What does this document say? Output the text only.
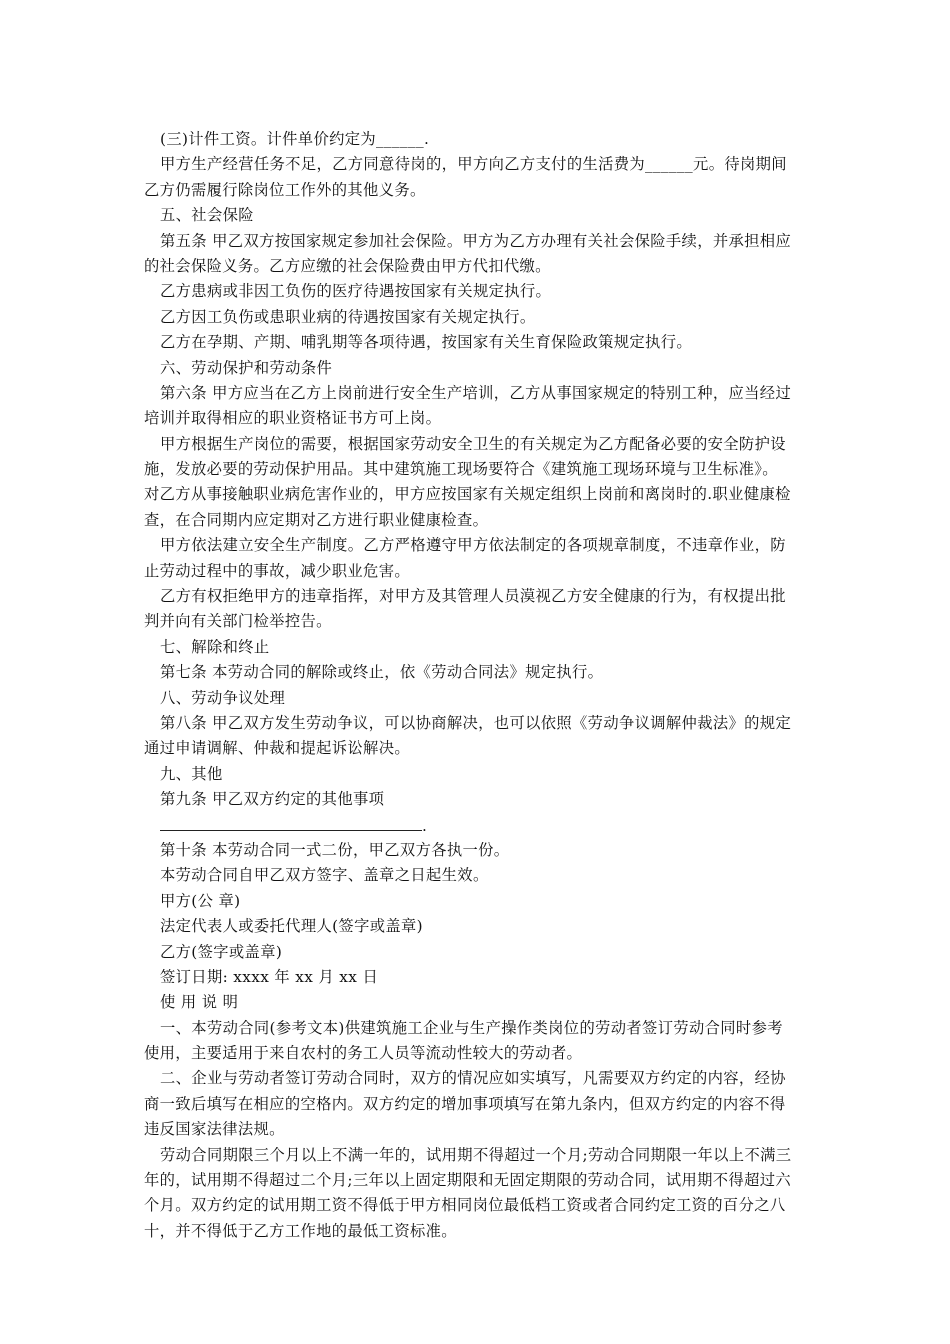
(三)计件工资。计件单价约定为______.
甲方生产经营任务不足，乙方同意待岗的，甲方向乙方支付的生活费为______元。待岗期间
乙方仍需履行除岗位工作外的其他义务。
五、社会保险
第五条 甲乙双方按国家规定参加社会保险。甲方为乙方办理有关社会保险手续，并承担相应
的社会保险义务。乙方应缴的社会保险费由甲方代扣代缴。
乙方患病或非因工负伤的医疗待遇按国家有关规定执行。
乙方因工负伤或患职业病的待遇按国家有关规定执行。
乙方在孕期、产期、哺乳期等各项待遇，按国家有关生育保险政策规定执行。
六、劳动保护和劳动条件
第六条 甲方应当在乙方上岗前进行安全生产培训，乙方从事国家规定的特别工种，应当经过
培训并取得相应的职业资格证书方可上岗。
甲方根据生产岗位的需要，根据国家劳动安全卫生的有关规定为乙方配备必要的安全防护设
施，发放必要的劳动保护用品。其中建筑施工现场要符合《建筑施工现场环境与卫生标准》。
对乙方从事接触职业病危害作业的，甲方应按国家有关规定组织上岗前和离岗时的.职业健康检
查，在合同期内应定期对乙方进行职业健康检查。
甲方依法建立安全生产制度。乙方严格遵守甲方依法制定的各项规章制度，不违章作业，防
止劳动过程中的事故，减少职业危害。
乙方有权拒绝甲方的违章指挥，对甲方及其管理人员漠视乙方安全健康的行为，有权提出批
判并向有关部门检举控告。
七、解除和终止
第七条 本劳动合同的解除或终止，依《劳动合同法》规定执行。
八、劳动争议处理
第八条 甲乙双方发生劳动争议，可以协商解决，也可以依照《劳动争议调解仲裁法》的规定
通过申请调解、仲裁和提起诉讼解决。
九、其他
第九条 甲乙双方约定的其他事项
.
第十条 本劳动合同一式二份，甲乙双方各执一份。
本劳动合同自甲乙双方签字、盖章之日起生效。
甲方(公 章)
法定代表人或委托代理人(签字或盖章)
乙方(签字或盖章)
签订日期: xxxx 年 xx 月 xx 日
使 用 说 明
一、本劳动合同(参考文本)供建筑施工企业与生产操作类岗位的劳动者签订劳动合同时参考
使用，主要适用于来自农村的务工人员等流动性较大的劳动者。
二、企业与劳动者签订劳动合同时，双方的情况应如实填写，凡需要双方约定的内容，经协
商一致后填写在相应的空格内。双方约定的增加事项填写在第九条内，但双方约定的内容不得
违反国家法律法规。
劳动合同期限三个月以上不满一年的，试用期不得超过一个月;劳动合同期限一年以上不满三
年的，试用期不得超过二个月;三年以上固定期限和无固定期限的劳动合同，试用期不得超过六
个月。双方约定的试用期工资不得低于甲方相同岗位最低档工资或者合同约定工资的百分之八
十，并不得低于乙方工作地的最低工资标准。
